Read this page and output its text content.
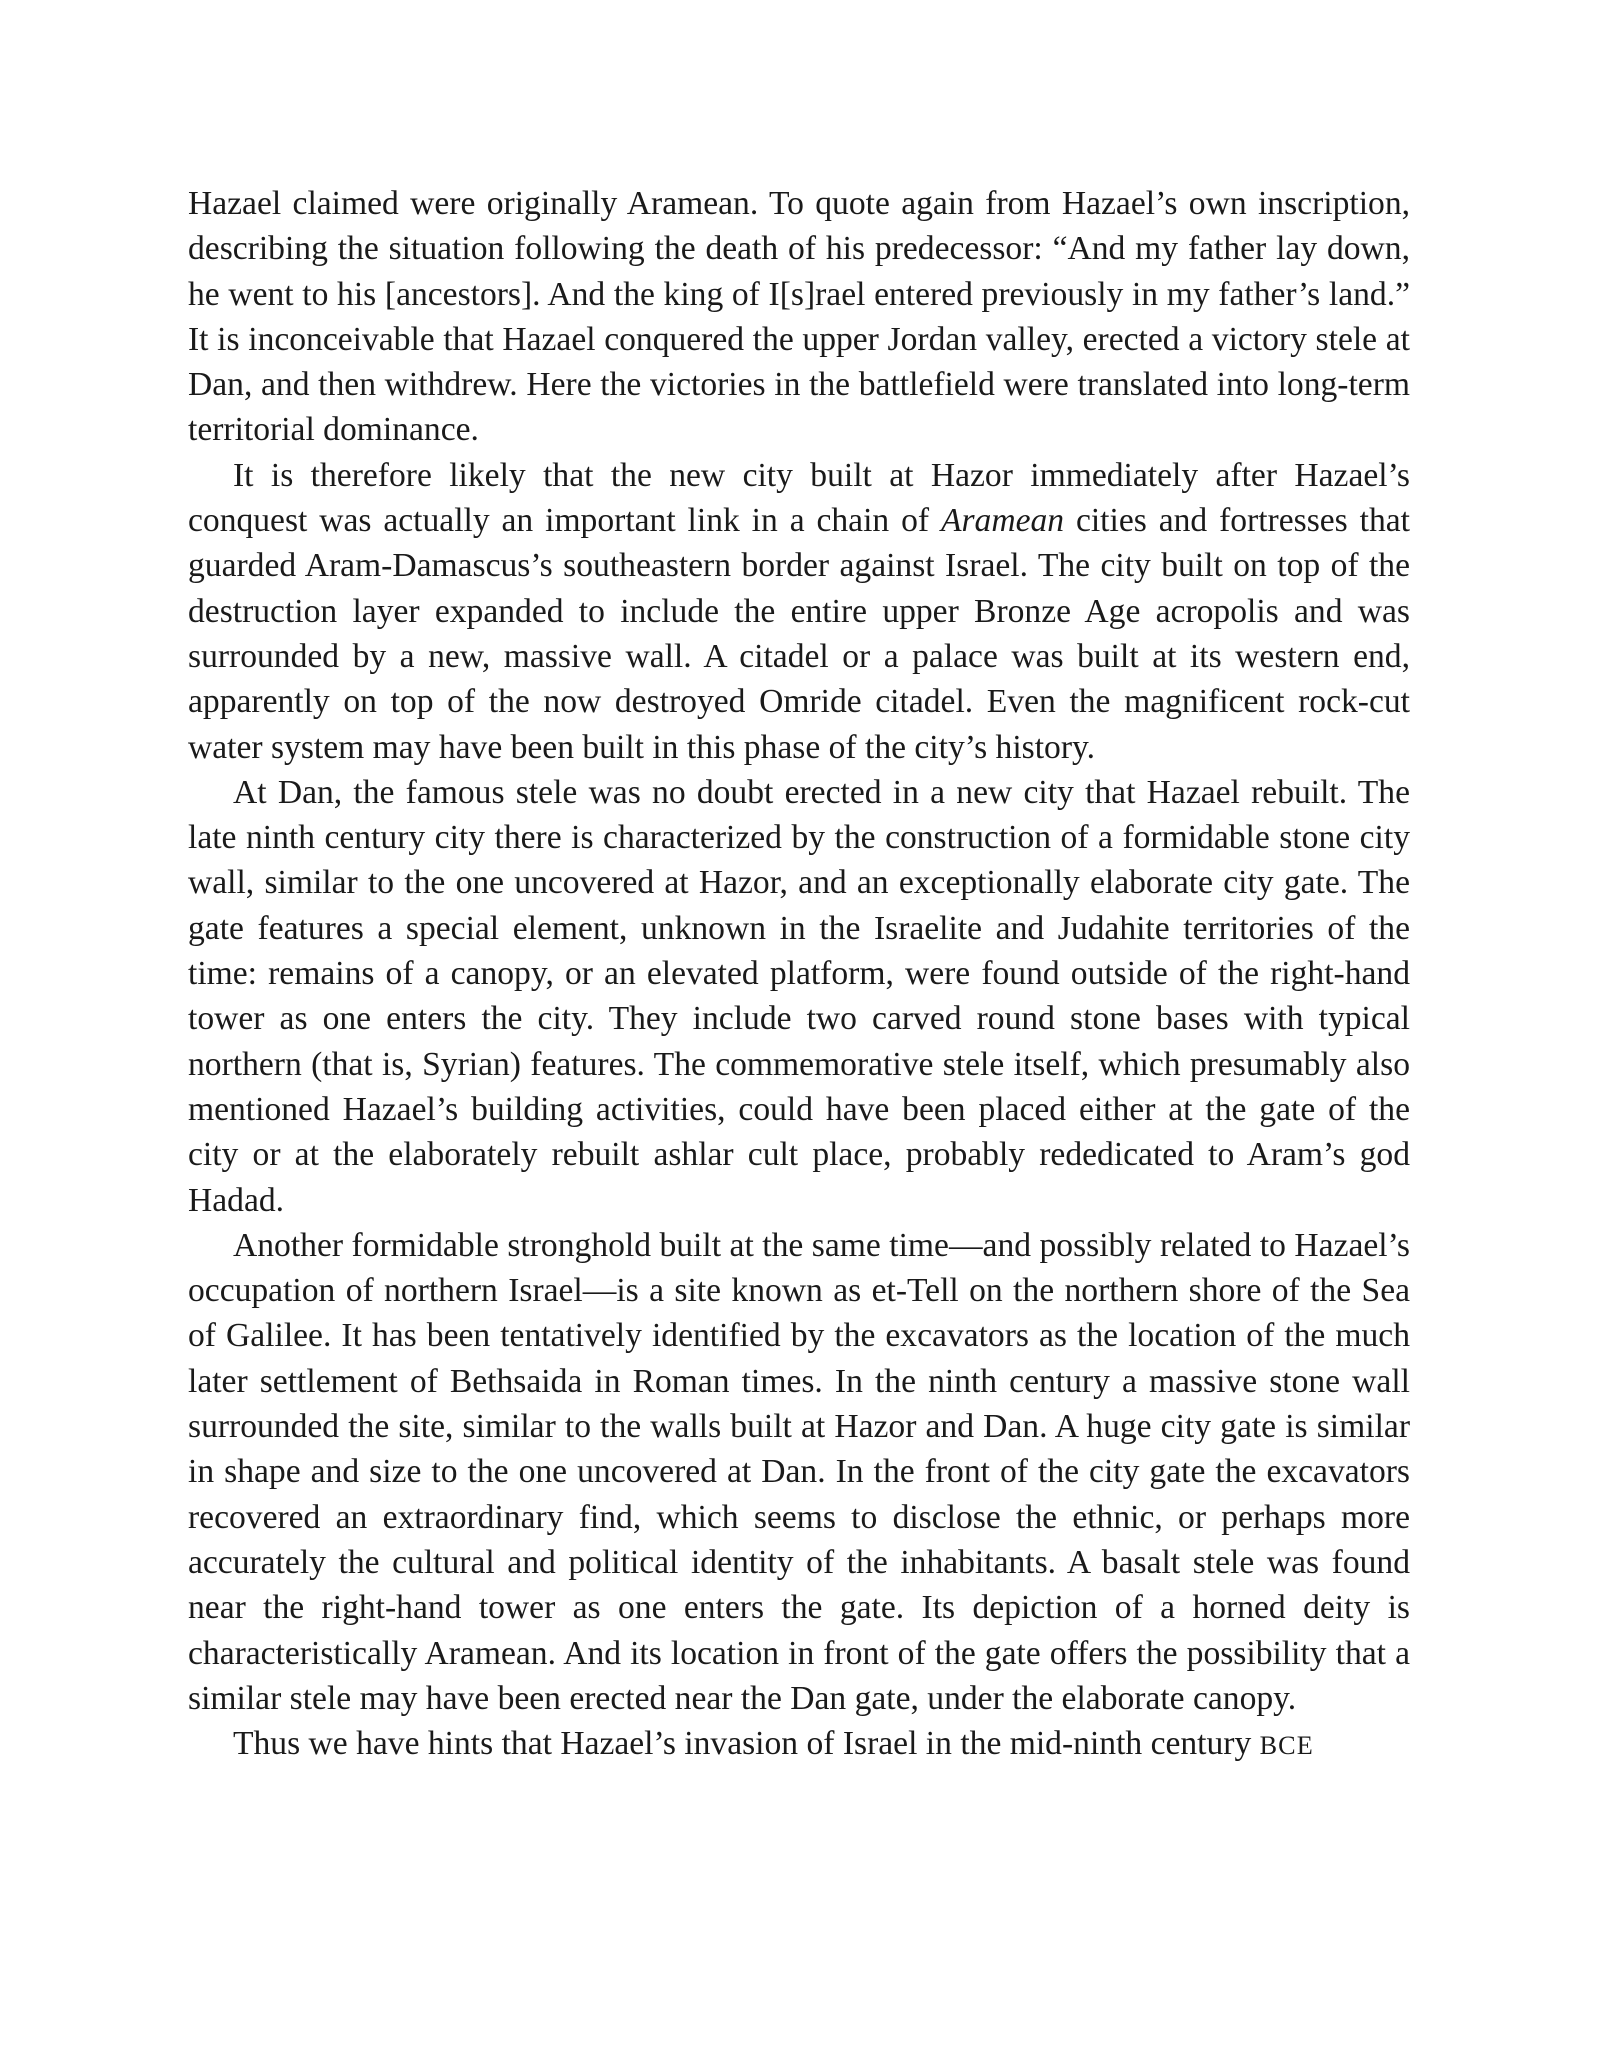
Hazael claimed were originally Aramean. To quote again from Hazael’s own inscription, describing the situation following the death of his predecessor: “And my father lay down, he went to his [ancestors]. And the king of I[s]rael entered previously in my father’s land.” It is inconceivable that Hazael conquered the upper Jordan valley, erected a victory stele at Dan, and then withdrew. Here the victories in the battlefield were translated into long-term territorial dominance.

It is therefore likely that the new city built at Hazor immediately after Hazael’s conquest was actually an important link in a chain of Aramean cities and fortresses that guarded Aram-Damascus’s southeastern border against Israel. The city built on top of the destruction layer expanded to include the entire upper Bronze Age acropolis and was surrounded by a new, massive wall. A citadel or a palace was built at its western end, apparently on top of the now destroyed Omride citadel. Even the magnificent rock-cut water system may have been built in this phase of the city’s history.

At Dan, the famous stele was no doubt erected in a new city that Hazael rebuilt. The late ninth century city there is characterized by the construction of a formidable stone city wall, similar to the one uncovered at Hazor, and an exceptionally elaborate city gate. The gate features a special element, unknown in the Israelite and Judahite territories of the time: remains of a canopy, or an elevated platform, were found outside of the right-hand tower as one enters the city. They include two carved round stone bases with typical northern (that is, Syrian) features. The commemorative stele itself, which presumably also mentioned Hazael’s building activities, could have been placed either at the gate of the city or at the elaborately rebuilt ashlar cult place, probably rededicated to Aram’s god Hadad.

Another formidable stronghold built at the same time—and possibly related to Hazael’s occupation of northern Israel—is a site known as et-Tell on the northern shore of the Sea of Galilee. It has been tentatively identified by the excavators as the location of the much later settlement of Bethsaida in Roman times. In the ninth century a massive stone wall surrounded the site, similar to the walls built at Hazor and Dan. A huge city gate is similar in shape and size to the one uncovered at Dan. In the front of the city gate the excavators recovered an extraordinary find, which seems to disclose the ethnic, or perhaps more accurately the cultural and political identity of the inhabitants. A basalt stele was found near the right-hand tower as one enters the gate. Its depiction of a horned deity is characteristically Aramean. And its location in front of the gate offers the possibility that a similar stele may have been erected near the Dan gate, under the elaborate canopy.

Thus we have hints that Hazael’s invasion of Israel in the mid-ninth century BCE
